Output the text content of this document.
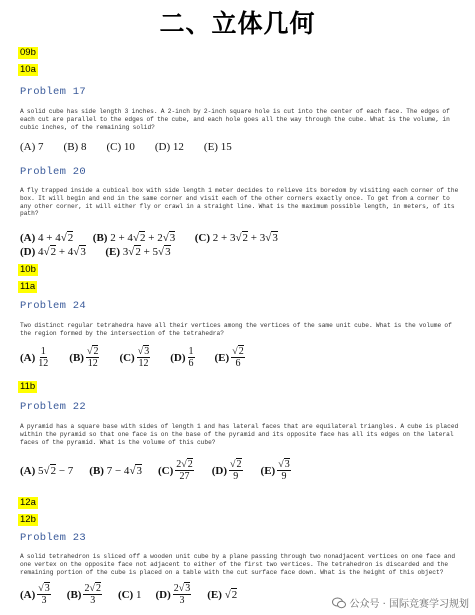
二、立体几何
09b
10a
Problem 17
A solid cube has side length 3 inches. A 2-inch by 2-inch square hole is cut into the center of each face. The edges of each cut are parallel to the edges of the cube, and each hole goes all the way through the cube. What is the volume, in cubic inches, of the remaining solid?
(A) 7 (B) 8 (C) 10 (D) 12 (E) 15
Problem 20
A fly trapped inside a cubical box with side length 1 meter decides to relieve its boredom by visiting each corner of the box. It will begin and end in the same corner and visit each of the other corners exactly once. To get from a corner to any other corner, it will either fly or crawl in a straight line. What is the maximum possible length, in meters, of its path?
(A) 4 + 4√2 (B) 2 + 4√2 + 2√3 (C) 2 + 3√2 + 3√3
(D) 4√2 + 4√3 (E) 3√2 + 5√3
10b
11a
Problem 24
Two distinct regular tetrahedra have all their vertices among the vertices of the same unit cube. What is the volume of the region formed by the intersection of the tetrahedra?
$(A) \frac{1}{12} (B) \frac{√2}{12} (C) \frac{√3}{12} (D) \frac{1}{6} (E) \frac{√2}{6}$
11b
Problem 22
A pyramid has a square base with sides of length 1 and has lateral faces that are equilateral triangles. A cube is placed within the pyramid so that one face is on the base of the pyramid and its opposite face has all its edges on the lateral faces of the pyramid. What is the volume of this cube?
(A) 5√2 − 7 (B) 7 − 4√3 $(C) \frac{2√2}{27} (D) \frac{√2}{9} (E) \frac{√3}{9}$
12a
12b
Problem 23
A solid tetrahedron is sliced off a wooden unit cube by a plane passing through two nonadjacent vertices on one face and one vertex on the opposite face not adjacent to either of the first two vertices. The tetrahedron is discarded and the remaining portion of the cube is placed on a table with the cut surface face down. What is the height of this object?
$(A) \frac{√3}{3} (B) \frac{2√2}{3} (C)$ 1 $(D) \frac{2√3}{3} (E)$ √2
公众号 · 国际竞赛学习规划
